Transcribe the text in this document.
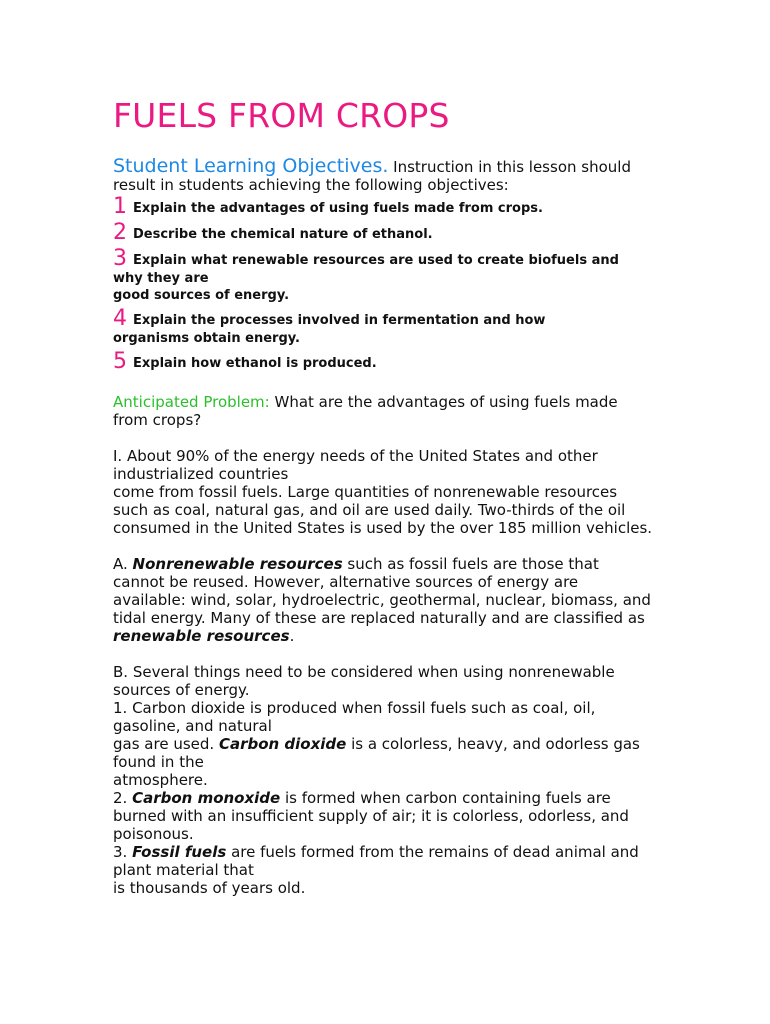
FUELS FROM CROPS
Student Learning Objectives. Instruction in this lesson should
result in students achieving the following objectives:
1 Explain the advantages of using fuels made from crops.
2 Describe the chemical nature of ethanol.
3 Explain what renewable resources are used to create biofuels and
why they are
good sources of energy.
4 Explain the processes involved in fermentation and how
organisms obtain energy.
5 Explain how ethanol is produced.

Anticipated Problem: What are the advantages of using fuels made
from crops?

I. About 90% of the energy needs of the United States and other
industrialized countries
come from fossil fuels. Large quantities of nonrenewable resources
such as coal, natural gas, and oil are used daily. Two-thirds of the oil
consumed in the United States is used by the over 185 million vehicles.

A. Nonrenewable resources such as fossil fuels are those that
cannot be reused. However, alternative sources of energy are
available: wind, solar, hydroelectric, geothermal, nuclear, biomass, and
tidal energy. Many of these are replaced naturally and are classified as
renewable resources.

B. Several things need to be considered when using nonrenewable
sources of energy.
1. Carbon dioxide is produced when fossil fuels such as coal, oil,
gasoline, and natural
gas are used. Carbon dioxide is a colorless, heavy, and odorless gas
found in the
atmosphere.
2. Carbon monoxide is formed when carbon containing fuels are
burned with an insufficient supply of air; it is colorless, odorless, and
poisonous.
3. Fossil fuels are fuels formed from the remains of dead animal and
plant material that
is thousands of years old.
